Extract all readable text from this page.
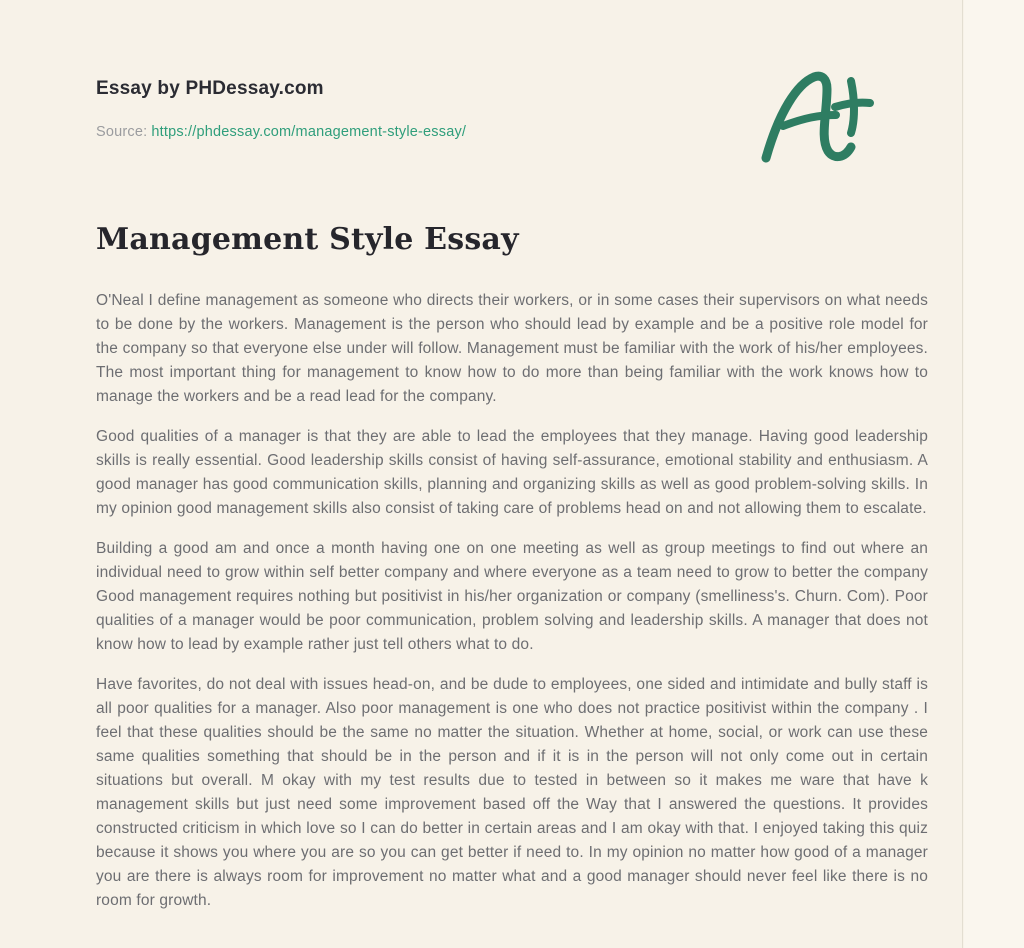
Essay by PHDessay.com
Source: https://phdessay.com/management-style-essay/
Management Style Essay

O'Neal I define management as someone who directs their workers, or in some cases their supervisors on what needs to be done by the workers. Management is the person who should lead by example and be a positive role model for the company so that everyone else under will follow. Management must be familiar with the work of his/her employees. The most important thing for management to know how to do more than being familiar with the work knows how to manage the workers and be a read lead for the company.

Good qualities of a manager is that they are able to lead the employees that they manage. Having good leadership skills is really essential. Good leadership skills consist of having self-assurance, emotional stability and enthusiasm. A good manager has good communication skills, planning and organizing skills as well as good problem-solving skills. In my opinion good management skills also consist of taking care of problems head on and not allowing them to escalate.

Building a good am and once a month having one on one meeting as well as group meetings to find out where an individual need to grow within self better company and where everyone as a team need to grow to better the company Good management requires nothing but positivist in his/her organization or company (smelliness's. Churn. Com). Poor qualities of a manager would be poor communication, problem solving and leadership skills. A manager that does not know how to lead by example rather just tell others what to do.

Have favorites, do not deal with issues head-on, and be dude to employees, one sided and intimidate and bully staff is all poor qualities for a manager. Also poor management is one who does not practice positivist within the company . I feel that these qualities should be the same no matter the situation. Whether at home, social, or work can use these same qualities something that should be in the person and if it is in the person will not only come out in certain situations but overall. M okay with my test results due to tested in between so it makes me ware that have k management skills but just need some improvement based off the Way that I answered the questions. It provides constructed criticism in which love so I can do better in certain areas and I am okay with that. I enjoyed taking this quiz because it shows you where you are so you can get better if need to. In my opinion no matter how good of a manager you are there is always room for improvement no matter what and a good manager should never feel like there is no room for growth.
